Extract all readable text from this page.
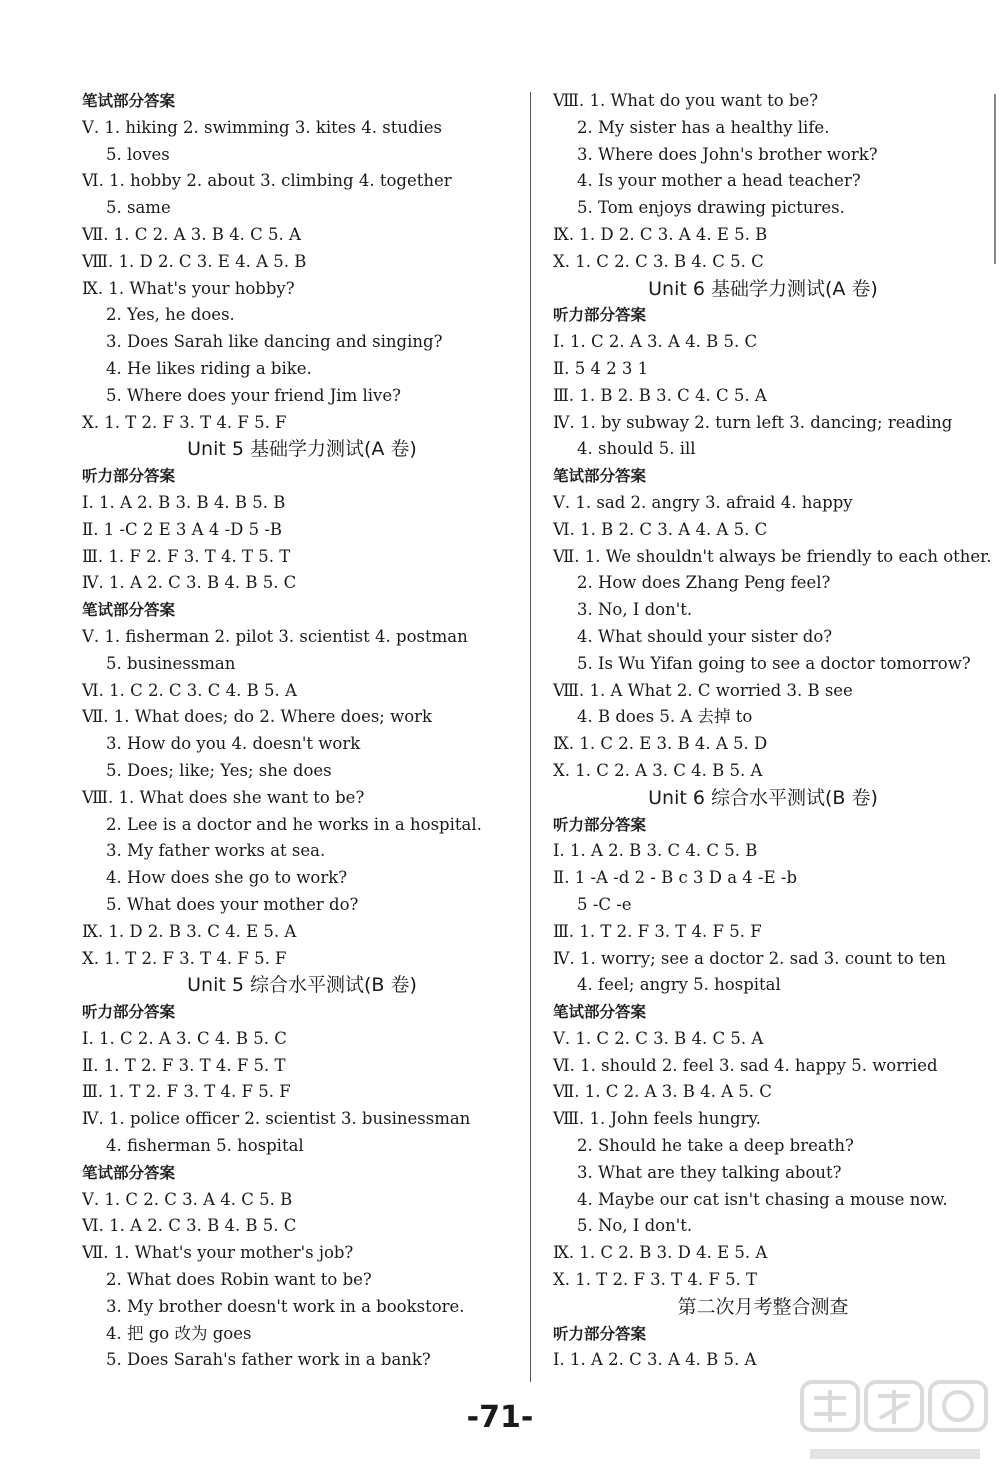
笔试部分答案
Ⅴ. 1. hiking 2. swimming 3. kites 4. studies
5. loves
Ⅵ. 1. hobby 2. about 3. climbing 4. together
5. same
Ⅶ. 1. C 2. A 3. B 4. C 5. A
Ⅷ. 1. D 2. C 3. E 4. A 5. B
Ⅸ. 1. What's your hobby?
2. Yes, he does.
3. Does Sarah like dancing and singing?
4. He likes riding a bike.
5. Where does your friend Jim live?
Ⅹ. 1. T 2. F 3. T 4. F 5. F
Unit 5 基础学力测试(A 卷)
听力部分答案
Ⅰ. 1. A 2. B 3. B 4. B 5. B
Ⅱ. 1 -C 2 E 3 A 4 -D 5 -B
Ⅲ. 1. F 2. F 3. T 4. T 5. T
Ⅳ. 1. A 2. C 3. B 4. B 5. C
笔试部分答案
Ⅴ. 1. fisherman 2. pilot 3. scientist 4. postman
5. businessman
Ⅵ. 1. C 2. C 3. C 4. B 5. A
Ⅶ. 1. What does; do 2. Where does; work
3. How do you 4. doesn't work
5. Does; like; Yes; she does
Ⅷ. 1. What does she want to be?
2. Lee is a doctor and he works in a hospital.
3. My father works at sea.
4. How does she go to work?
5. What does your mother do?
Ⅸ. 1. D 2. B 3. C 4. E 5. A
Ⅹ. 1. T 2. F 3. T 4. F 5. F
Unit 5 综合水平测试(B 卷)
听力部分答案
Ⅰ. 1. C 2. A 3. C 4. B 5. C
Ⅱ. 1. T 2. F 3. T 4. F 5. T
Ⅲ. 1. T 2. F 3. T 4. F 5. F
Ⅳ. 1. police officer 2. scientist 3. businessman
4. fisherman 5. hospital
笔试部分答案
Ⅴ. 1. C 2. C 3. A 4. C 5. B
Ⅵ. 1. A 2. C 3. B 4. B 5. C
Ⅶ. 1. What's your mother's job?
2. What does Robin want to be?
3. My brother doesn't work in a bookstore.
4. 把 go 改为 goes
5. Does Sarah's father work in a bank?
Ⅷ. 1. What do you want to be?
2. My sister has a healthy life.
3. Where does John's brother work?
4. Is your mother a head teacher?
5. Tom enjoys drawing pictures.
Ⅸ. 1. D 2. C 3. A 4. E 5. B
Ⅹ. 1. C 2. C 3. B 4. C 5. C
Unit 6 基础学力测试(A 卷)
听力部分答案
Ⅰ. 1. C 2. A 3. A 4. B 5. C
Ⅱ. 5 4 2 3 1
Ⅲ. 1. B 2. B 3. C 4. C 5. A
Ⅳ. 1. by subway 2. turn left 3. dancing; reading
4. should 5. ill
笔试部分答案
Ⅴ. 1. sad 2. angry 3. afraid 4. happy
Ⅵ. 1. B 2. C 3. A 4. A 5. C
Ⅶ. 1. We shouldn't always be friendly to each other.
2. How does Zhang Peng feel?
3. No, I don't.
4. What should your sister do?
5. Is Wu Yifan going to see a doctor tomorrow?
Ⅷ. 1. A What 2. C worried 3. B see
4. B does 5. A 去掉 to
Ⅸ. 1. C 2. E 3. B 4. A 5. D
Ⅹ. 1. C 2. A 3. C 4. B 5. A
Unit 6 综合水平测试(B 卷)
听力部分答案
Ⅰ. 1. A 2. B 3. C 4. C 5. B
Ⅱ. 1 -A -d 2 - B c 3 D a 4 -E -b
5 -C -e
Ⅲ. 1. T 2. F 3. T 4. F 5. F
Ⅳ. 1. worry; see a doctor 2. sad 3. count to ten
4. feel; angry 5. hospital
笔试部分答案
Ⅴ. 1. C 2. C 3. B 4. C 5. A
Ⅵ. 1. should 2. feel 3. sad 4. happy 5. worried
Ⅶ. 1. C 2. A 3. B 4. A 5. C
Ⅷ. 1. John feels hungry.
2. Should he take a deep breath?
3. What are they talking about?
4. Maybe our cat isn't chasing a mouse now.
5. No, I don't.
Ⅸ. 1. C 2. B 3. D 4. E 5. A
Ⅹ. 1. T 2. F 3. T 4. F 5. T
第二次月考整合测查
听力部分答案
Ⅰ. 1. A 2. C 3. A 4. B 5. A
-71-
